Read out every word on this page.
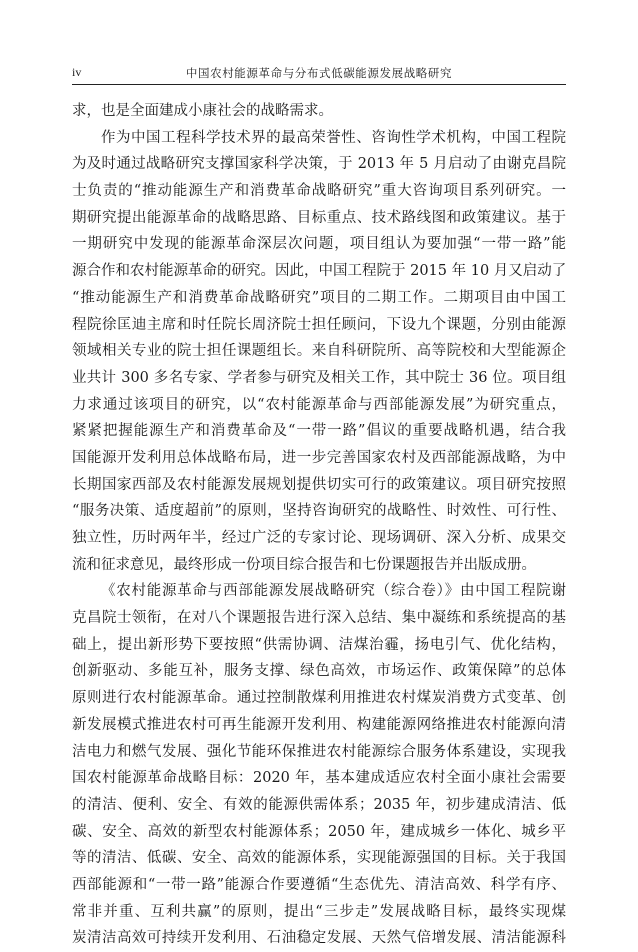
iv	中国农村能源革命与分布式低碳能源发展战略研究
求，也是全面建成小康社会的战略需求。
作为中国工程科学技术界的最高荣誉性、咨询性学术机构，中国工程院
为及时通过战略研究支撑国家科学决策，于 2013 年 5 月启动了由谢克昌院
士负责的“推动能源生产和消费革命战略研究”重大咨询项目系列研究。一
期研究提出能源革命的战略思路、目标重点、技术路线图和政策建议。基于
一期研究中发现的能源革命深层次问题，项目组认为要加强“一带一路”能
源合作和农村能源革命的研究。因此，中国工程院于 2015 年 10 月又启动了
“推动能源生产和消费革命战略研究”项目的二期工作。二期项目由中国工
程院徐匡迪主席和时任院长周济院士担任顾问，下设九个课题，分别由能源
领域相关专业的院士担任课题组长。来自科研院所、高等院校和大型能源企
业共计 300 多名专家、学者参与研究及相关工作，其中院士 36 位。项目组
力求通过该项目的研究，以“农村能源革命与西部能源发展”为研究重点，
紧紧把握能源生产和消费革命及“一带一路”倡议的重要战略机遇，结合我
国能源开发利用总体战略布局，进一步完善国家农村及西部能源战略，为中
长期国家西部及农村能源发展规划提供切实可行的政策建议。项目研究按照
“服务决策、适度超前”的原则，坚持咨询研究的战略性、时效性、可行性、
独立性，历时两年半，经过广泛的专家讨论、现场调研、深入分析、成果交
流和征求意见，最终形成一份项目综合报告和七份课题报告并出版成册。
《农村能源革命与西部能源发展战略研究（综合卷）》由中国工程院谢
克昌院士领衔，在对八个课题报告进行深入总结、集中凝练和系统提高的基
础上，提出新形势下要按照“供需协调、洁煤治霾，扬电引气、优化结构，
创新驱动、多能互补，服务支撑、绿色高效，市场运作、政策保障”的总体
原则进行农村能源革命。通过控制散煤利用推进农村煤炭消费方式变革、创
新发展模式推进农村可再生能源开发利用、构建能源网络推进农村能源向清
洁电力和燃气发展、强化节能环保推进农村能源综合服务体系建设，实现我
国农村能源革命战略目标：2020 年，基本建成适应农村全面小康社会需要
的清洁、便利、安全、有效的能源供需体系；2035 年，初步建成清洁、低
碳、安全、高效的新型农村能源体系；2050 年，建成城乡一体化、城乡平
等的清洁、低碳、安全、高效的能源体系，实现能源强国的目标。关于我国
西部能源和“一带一路”能源合作要遵循“生态优先、清洁高效、科学有序、
常非并重、互利共赢”的原则，提出“三步走”发展战略目标，最终实现煤
炭清洁高效可持续开发利用、石油稳定发展、天然气倍增发展、清洁能源科
